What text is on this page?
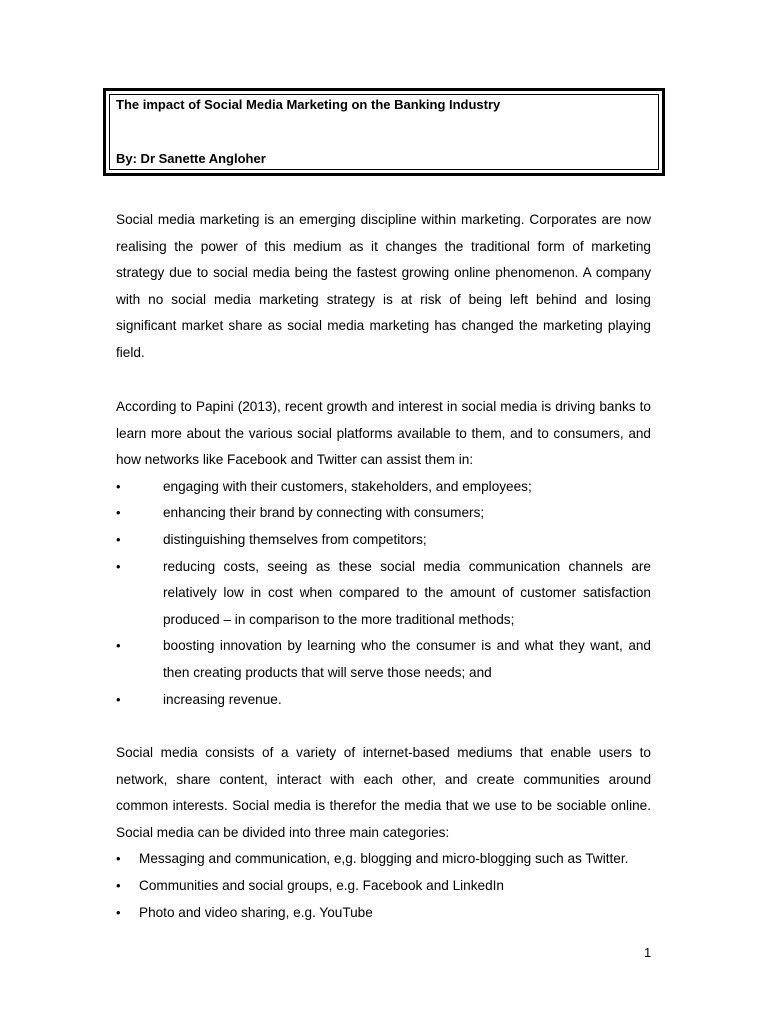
The impact of Social Media Marketing on the Banking Industry
By: Dr Sanette Angloher

Social media marketing is an emerging discipline within marketing. Corporates are now realising the power of this medium as it changes the traditional form of marketing strategy due to social media being the fastest growing online phenomenon. A company with no social media marketing strategy is at risk of being left behind and losing significant market share as social media marketing has changed the marketing playing field.

According to Papini (2013), recent growth and interest in social media is driving banks to learn more about the various social platforms available to them, and to consumers, and how networks like Facebook and Twitter can assist them in:

•	engaging with their customers, stakeholders, and employees;
•	enhancing their brand by connecting with consumers;
•	distinguishing themselves from competitors;
•	reducing costs, seeing as these social media communication channels are relatively low in cost when compared to the amount of customer satisfaction produced – in comparison to the more traditional methods;
•	boosting innovation by learning who the consumer is and what they want, and then creating products that will serve those needs; and
•	increasing revenue.

Social media consists of a variety of internet-based mediums that enable users to network, share content, interact with each other, and create communities around common interests. Social media is therefor the media that we use to be sociable online. Social media can be divided into three main categories:

•	Messaging and communication, e,g. blogging and micro-blogging such as Twitter.
•	Communities and social groups, e.g. Facebook and LinkedIn
•	Photo and video sharing, e.g. YouTube
1
